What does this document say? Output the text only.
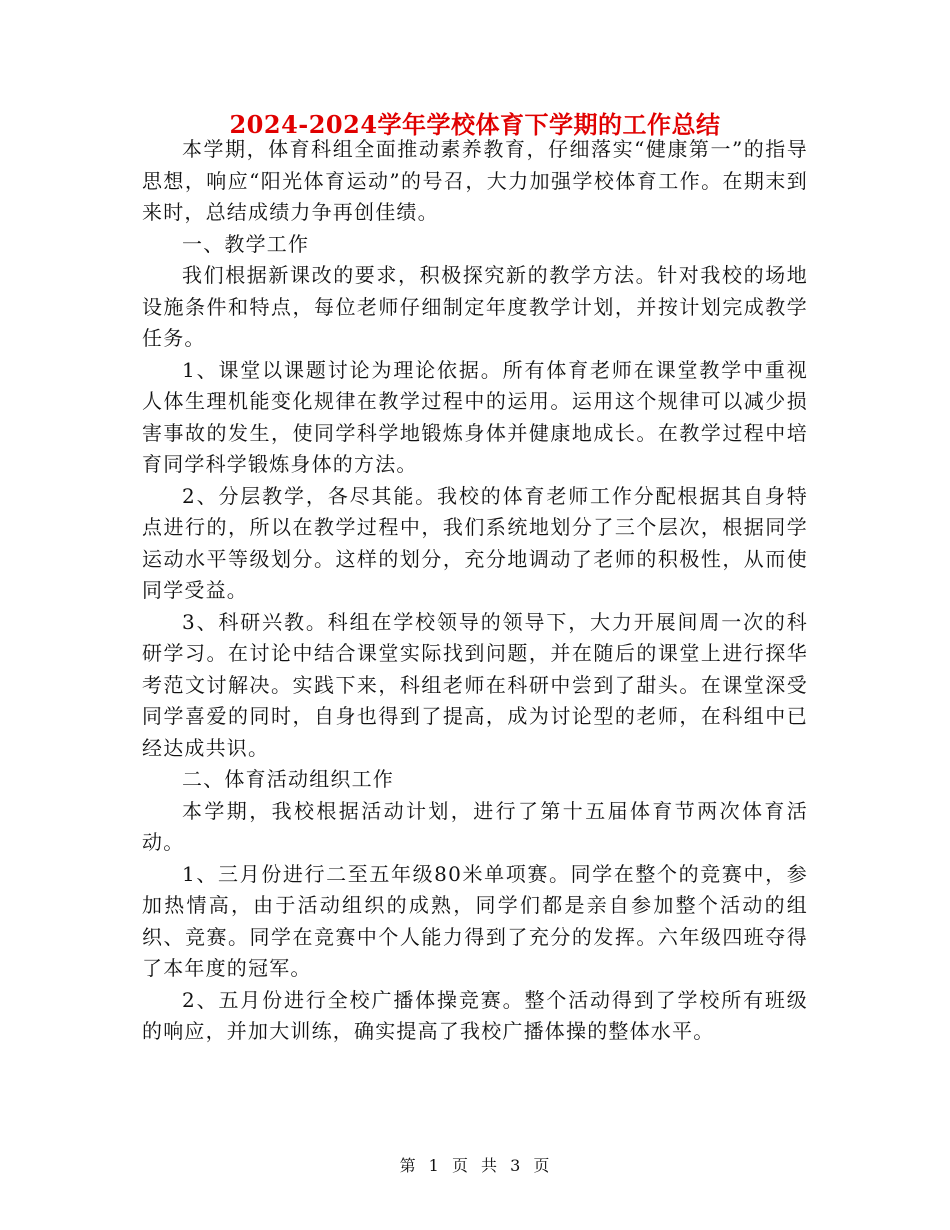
2024-2024学年学校体育下学期的工作总结

本学期，体育科组全面推动素养教育，仔细落实“健康第一”的指导思想，响应“阳光体育运动”的号召，大力加强学校体育工作。在期末到来时，总结成绩力争再创佳绩。

一、教学工作

我们根据新课改的要求，积极探究新的教学方法。针对我校的场地设施条件和特点，每位老师仔细制定年度教学计划，并按计划完成教学任务。

1、课堂以课题讨论为理论依据。所有体育老师在课堂教学中重视人体生理机能变化规律在教学过程中的运用。运用这个规律可以减少损害事故的发生，使同学科学地锻炼身体并健康地成长。在教学过程中培育同学科学锻炼身体的方法。

2、分层教学，各尽其能。我校的体育老师工作分配根据其自身特点进行的，所以在教学过程中，我们系统地划分了三个层次，根据同学运动水平等级划分。这样的划分，充分地调动了老师的积极性，从而使同学受益。

3、科研兴教。科组在学校领导的领导下，大力开展间周一次的科研学习。在讨论中结合课堂实际找到问题，并在随后的课堂上进行探华考范文讨解决。实践下来，科组老师在科研中尝到了甜头。在课堂深受同学喜爱的同时，自身也得到了提高，成为讨论型的老师，在科组中已经达成共识。

二、体育活动组织工作

本学期，我校根据活动计划，进行了第十五届体育节两次体育活动。

1、三月份进行二至五年级80米单项赛。同学在整个的竞赛中，参加热情高，由于活动组织的成熟，同学们都是亲自参加整个活动的组织、竞赛。同学在竞赛中个人能力得到了充分的发挥。六年级四班夺得了本年度的冠军。

2、五月份进行全校广播体操竞赛。整个活动得到了学校所有班级的响应，并加大训练，确实提高了我校广播体操的整体水平。

第 1 页 共 3 页
